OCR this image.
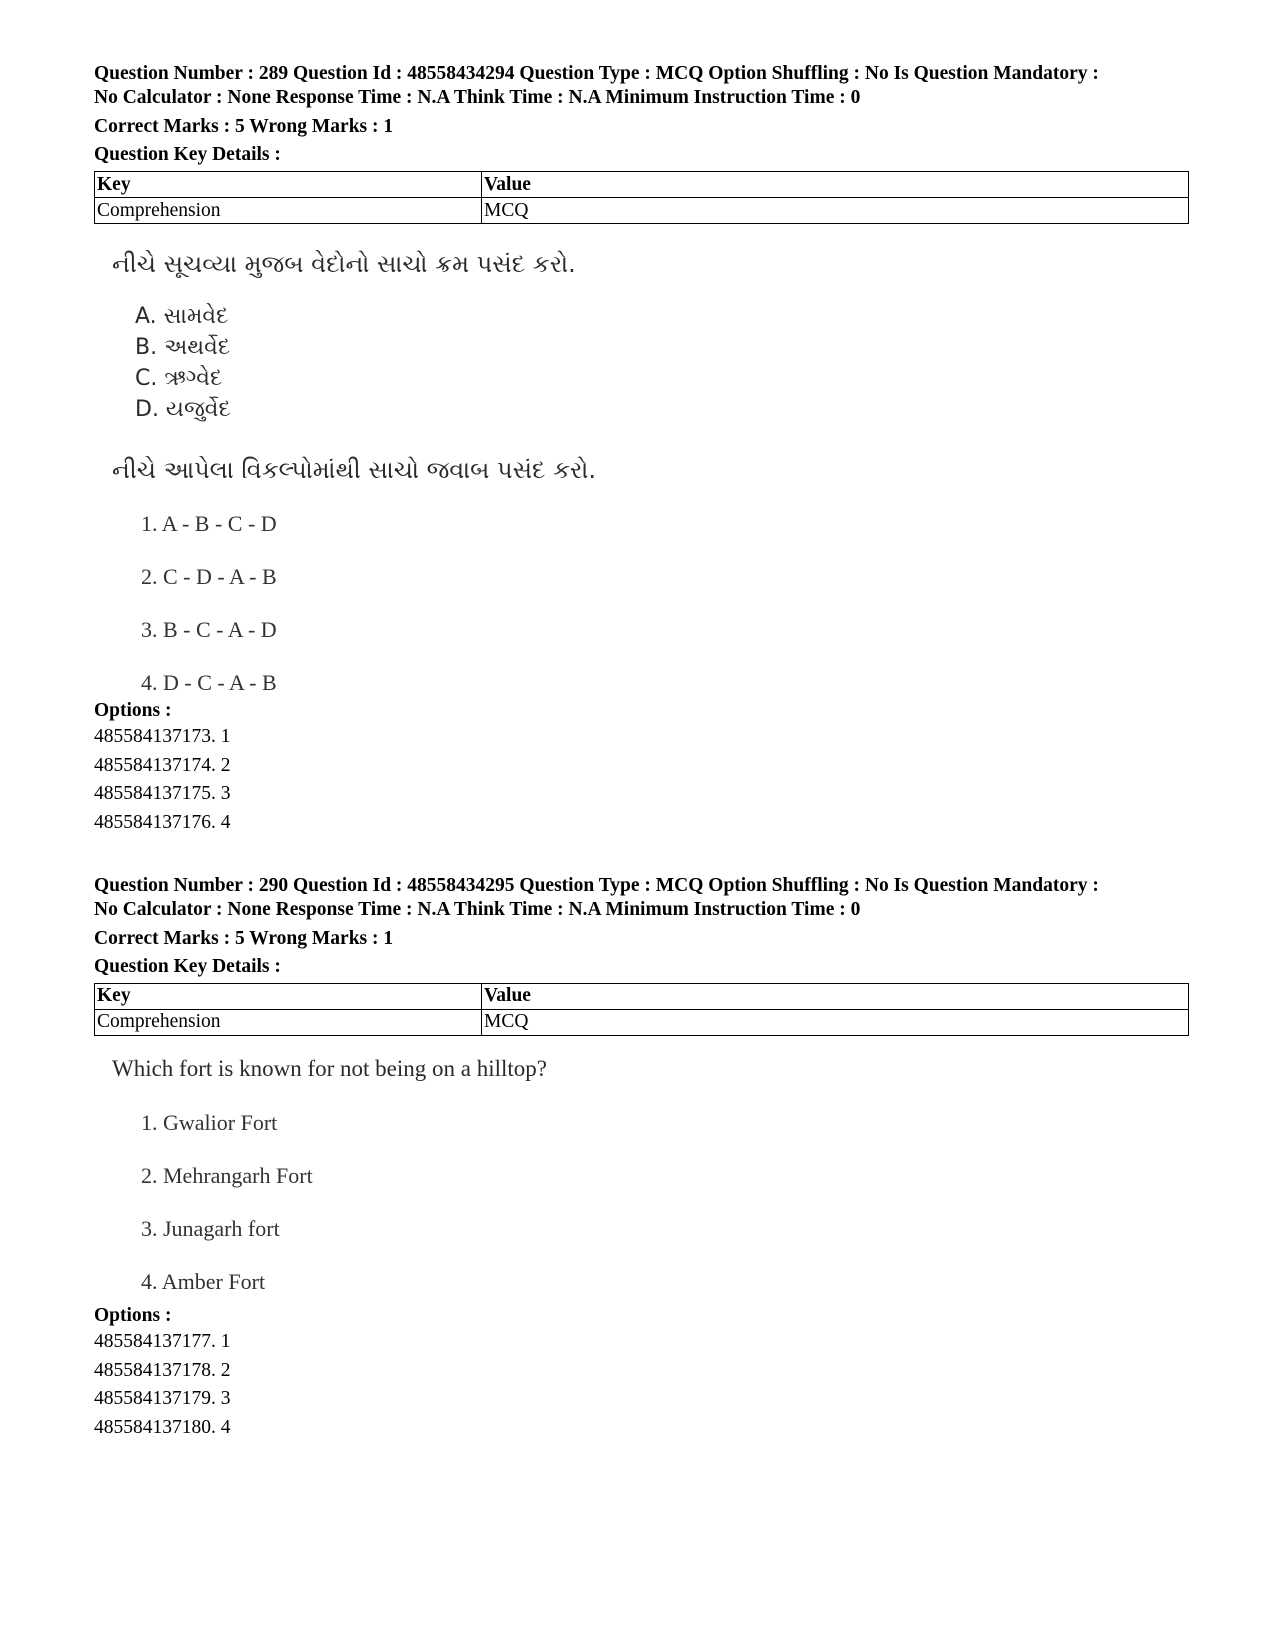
Question Number : 289 Question Id : 48558434294 Question Type : MCQ Option Shuffling : No Is Question Mandatory :
No Calculator : None Response Time : N.A Think Time : N.A Minimum Instruction Time : 0
Correct Marks : 5 Wrong Marks : 1
Question Key Details :
Key	Value
Comprehension	MCQ
નીચે સૂચવ્યા મુજબ વેદોનો સાચો ક્રમ પસંદ કરો.
A. સામવેદ
B. અથર્વેદ
C. ઋગ્વેદ
D. યજુર્વેદ
નીચે આપેલા વિકલ્પોમાંથી સાચો જવાબ પસંદ કરો.
1. A - B - C - D
2. C - D - A - B
3. B - C - A - D
4. D - C - A - B
Options :
485584137173. 1
485584137174. 2
485584137175. 3
485584137176. 4
Question Number : 290 Question Id : 48558434295 Question Type : MCQ Option Shuffling : No Is Question Mandatory :
No Calculator : None Response Time : N.A Think Time : N.A Minimum Instruction Time : 0
Correct Marks : 5 Wrong Marks : 1
Question Key Details :
Key	Value
Comprehension	MCQ
Which fort is known for not being on a hilltop?
1. Gwalior Fort
2. Mehrangarh Fort
3. Junagarh fort
4. Amber Fort
Options :
485584137177. 1
485584137178. 2
485584137179. 3
485584137180. 4
